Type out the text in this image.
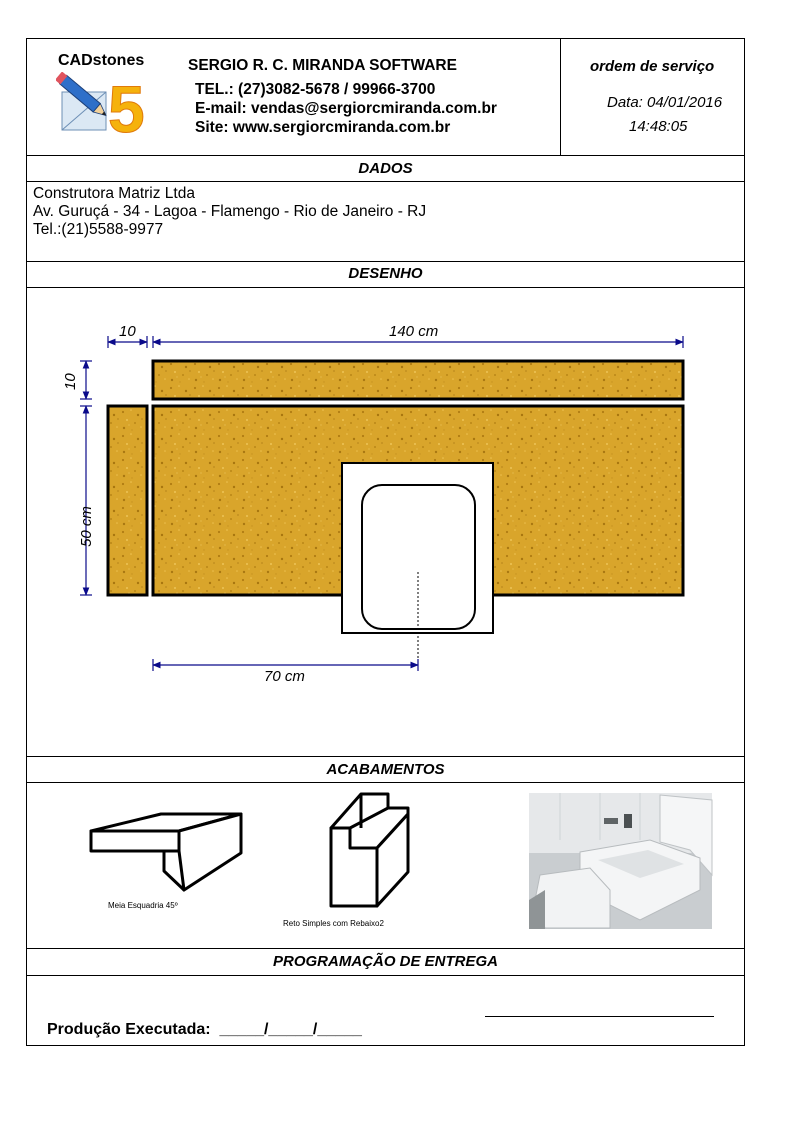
CADstones
5
SERGIO R. C. MIRANDA SOFTWARE
TEL.: (27)3082-5678 / 99966-3700
E-mail: vendas@sergiorcmiranda.com.br
Site: www.sergiorcmiranda.com.br
ordem de serviço
Data: 04/01/2016
14:48:05
DADOS
Construtora Matriz Ltda
Av. Guruçá - 34 - Lagoa - Flamengo - Rio de Janeiro - RJ
Tel.:(21)5588-9977
DESENHO
10	140 cm
10
50 cm
70 cm
ACABAMENTOS
Meia Esquadria 45º
Reto Simples com Rebaixo2
PROGRAMAÇÃO DE ENTREGA
Produção Executada:  _____/_____/_____
